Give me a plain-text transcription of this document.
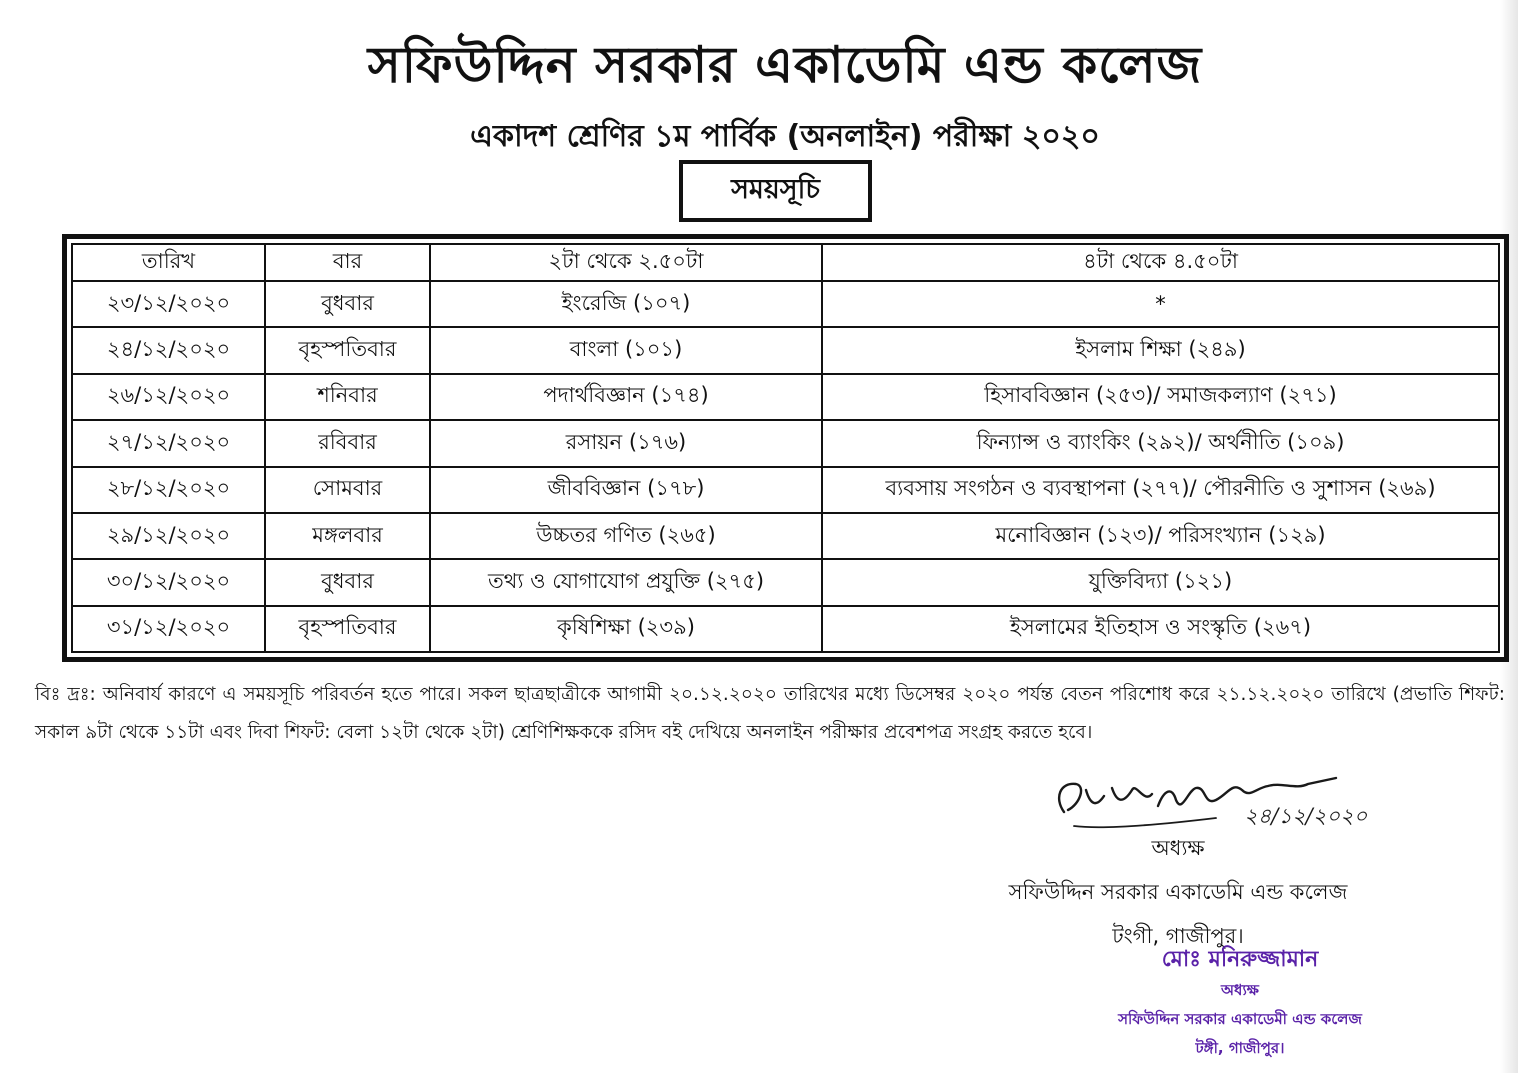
সফিউদ্দিন সরকার একাডেমি এন্ড কলেজ
একাদশ শ্রেণির ১ম পার্বিক (অনলাইন) পরীক্ষা ২০২০
সময়সূচি
তারিখ	বার	২টা থেকে ২.৫০টা	৪টা থেকে ৪.৫০টা
২৩/১২/২০২০	বুধবার	ইংরেজি (১০৭)	*
২৪/১২/২০২০	বৃহস্পতিবার	বাংলা (১০১)	ইসলাম শিক্ষা (২৪৯)
২৬/১২/২০২০	শনিবার	পদার্থবিজ্ঞান (১৭৪)	হিসাববিজ্ঞান (২৫৩)/ সমাজকল্যাণ (২৭১)
২৭/১২/২০২০	রবিবার	রসায়ন (১৭৬)	ফিন্যান্স ও ব্যাংকিং (২৯২)/ অর্থনীতি (১০৯)
২৮/১২/২০২০	সোমবার	জীববিজ্ঞান (১৭৮)	ব্যবসায় সংগঠন ও ব্যবস্থাপনা (২৭৭)/ পৌরনীতি ও সুশাসন (২৬৯)
২৯/১২/২০২০	মঙ্গলবার	উচ্চতর গণিত (২৬৫)	মনোবিজ্ঞান (১২৩)/ পরিসংখ্যান (১২৯)
৩০/১২/২০২০	বুধবার	তথ্য ও যোগাযোগ প্রযুক্তি (২৭৫)	যুক্তিবিদ্যা (১২১)
৩১/১২/২০২০	বৃহস্পতিবার	কৃষিশিক্ষা (২৩৯)	ইসলামের ইতিহাস ও সংস্কৃতি (২৬৭)
বিঃ দ্রঃ: অনিবার্য কারণে এ সময়সূচি পরিবর্তন হতে পারে। সকল ছাত্রছাত্রীকে আগামী ২০.১২.২০২০ তারিখের মধ্যে ডিসেম্বর ২০২০ পর্যন্ত বেতন পরিশোধ করে ২১.১২.২০২০ তারিখে (প্রভাতি শিফট: সকাল ৯টা থেকে ১১টা এবং দিবা শিফট: বেলা ১২টা থেকে ২টা) শ্রেণিশিক্ষককে রসিদ বই দেখিয়ে অনলাইন পরীক্ষার প্রবেশপত্র সংগ্রহ করতে হবে।
২৪/১২/২০২০
অধ্যক্ষ
সফিউদ্দিন সরকার একাডেমি এন্ড কলেজ
টংগী, গাজীপুর।
মোঃ মনিরুজ্জামান
অধ্যক্ষ
সফিউদ্দিন সরকার একাডেমী এন্ড কলেজ
টঙ্গী, গাজীপুর।
